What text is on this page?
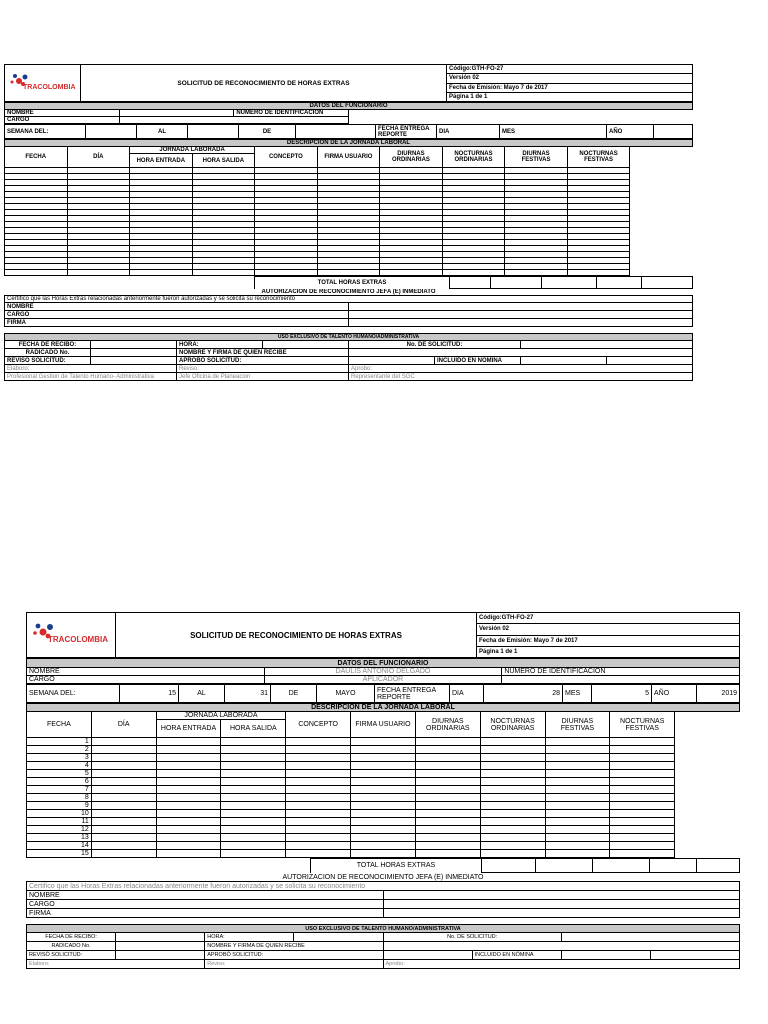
TRACOLOMBIA
	SOLICITUD DE RECONOCIMIENTO DE HORAS EXTRAS	Código:GTH-FO-27
Versión 02
Fecha de Emisión: Mayo 7 de 2017
Página 1 de 1
DATOS DEL FUNCIONARIO		
NOMBRE		NUMERO DE IDENTIFICACION
CARGO		
SEMANA DEL:		AL		DE		FECHA ENTREGA REPORTE	DIA	MES	AÑO	
DESCRIPCION DE LA JORNADA LABORAL									
FECHA	DÍA	JORNADA LABORADA		CONCEPTO	FIRMA USUARIO	DIURNAS ORDINARIAS	NOCTURNAS ORDINARIAS	DIURNAS FESTIVAS	NOCTURNAS FESTIVAS
		HORA ENTRADA	HORA SALIDA						

	TOTAL HORAS EXTRAS					
AUTORIZACION DE RECONOCIMIENTO JEFA (E) INMEDIATO	
Certifico que las Horas Extras relacionadas anteriormente fueron autorizadas y se solicita su reconocimiento	
NOMBRE	
CARGO	
FIRMA	
USO EXCLUSIVO DE TALENTO HUMANO/ADMINISTRATIVA							
FECHA DE RECIBO:		HORA:		No. DE SOLICITUD:			
RADICADO No.		NOMBRE Y FIRMA DE QUIEN RECIBE					
REVISÓ SOLICITUD:		APROBÓ SOLICITUD:			INCLUIDO EN NÓMINA		
Elaboro:		Reviso:		Aprobo:			
Profesional Gestion de Talento Humano- Administrativa		Jefe Oficina de Planeacion		Representante del SGC			
TRACOLOMBIA	SOLICITUD DE RECONOCIMIENTO DE HORAS EXTRAS	Código:GTH-FO-27
Versión 02
Fecha de Emisión: Mayo 7 de 2017
Página 1 de 1
DATOS DEL FUNCIONARIO		
NOMBRE	DAULIS ANTONIO DELGADO	NUMERO DE IDENTIFICACION
CARGO	APLICADOR	
SEMANA DEL:	15	AL	31	DE	MAYO	FECHA ENTREGA REPORTE	DIA	28	MES	5	AÑO	2019
DESCRIPCION DE LA JORNADA LABORAL									
FECHA	DÍA	JORNADA LABORADA		CONCEPTO	FIRMA USUARIO	DIURNAS ORDINARIAS	NOCTURNAS ORDINARIAS	DIURNAS FESTIVAS	NOCTURNAS FESTIVAS
		HORA ENTRADA	HORA SALIDA						
1									
2									
3									
4									
5									
6									
7									
8									
9									
10									
11									
12									
13									
14									
15									
	TOTAL HORAS EXTRAS					
AUTORIZACION DE RECONOCIMIENTO JEFA (E) INMEDIATO	
Certifico que las Horas Extras relacionadas anteriormente fueron autorizadas y se solicita su reconocimiento	
NOMBRE	
CARGO	
FIRMA	
USO EXCLUSIVO DE TALENTO HUMANO/ADMINISTRATIVA							
FECHA DE RECIBO:		HORA:		No. DE SOLICITUD:			
RADICADO No.		NOMBRE Y FIRMA DE QUIEN RECIBE					
REVISÓ SOLICITUD:		APROBÓ SOLICITUD:			INCLUIDO EN NÓMINA		
Elaboro:		Reviso:		Aprobo:			
